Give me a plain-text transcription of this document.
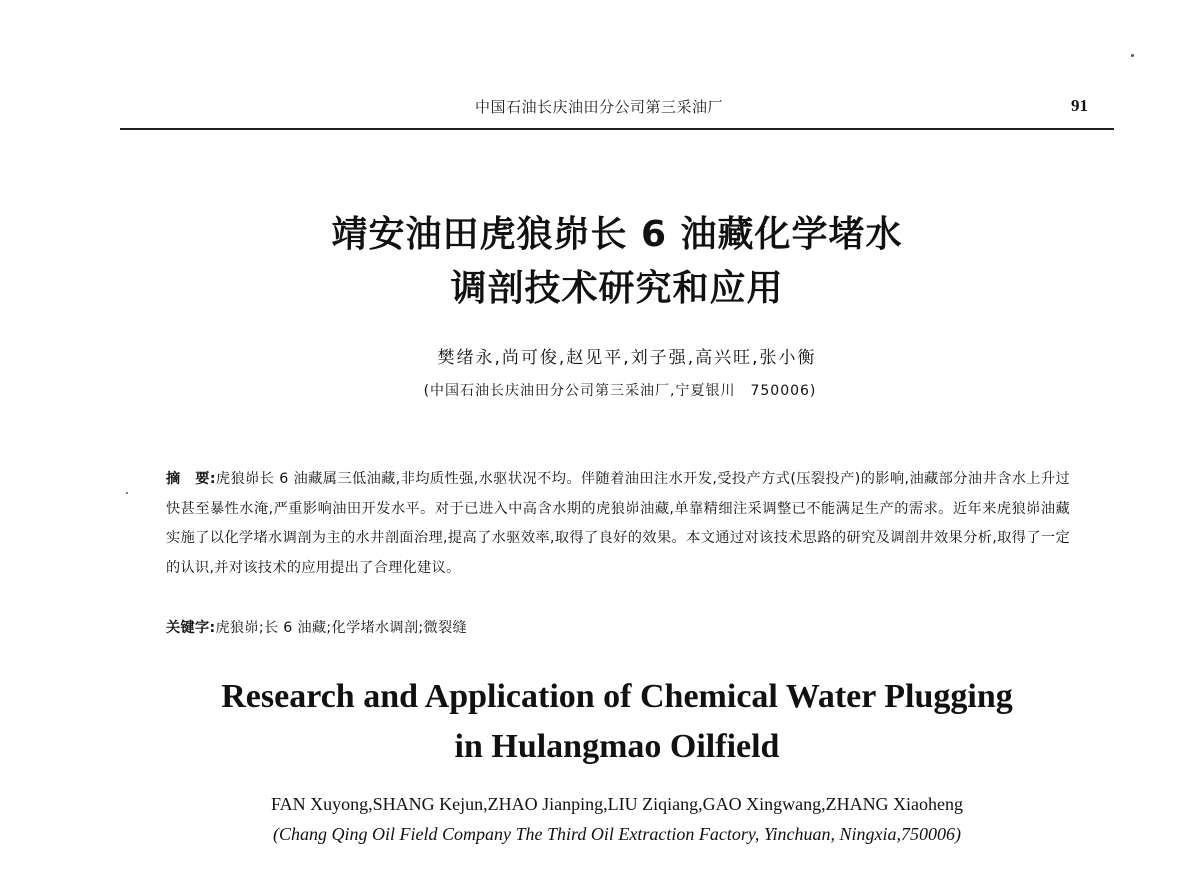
中国石油长庆油田分公司第三采油厂	91
靖安油田虎狼峁长 6 油藏化学堵水
调剖技术研究和应用
樊绪永,尚可俊,赵见平,刘子强,高兴旺,张小衡
(中国石油长庆油田分公司第三采油厂,宁夏银川　750006)
摘　要:虎狼峁长 6 油藏属三低油藏,非均质性强,水驱状况不均。伴随着油田注水开发,受投产方式(压裂投产)的影响,油藏部分油井含水上升过快甚至暴性水淹,严重影响油田开发水平。对于已进入中高含水期的虎狼峁油藏,单靠精细注采调整已不能满足生产的需求。近年来虎狼峁油藏实施了以化学堵水调剖为主的水井剖面治理,提高了水驱效率,取得了良好的效果。本文通过对该技术思路的研究及调剖井效果分析,取得了一定的认识,并对该技术的应用提出了合理化建议。
关键字:虎狼峁;长 6 油藏;化学堵水调剖;微裂缝
Research and Application of Chemical Water Plugging
in Hulangmao Oilfield
FAN Xuyong,SHANG Kejun,ZHAO Jianping,LIU Ziqiang,GAO Xingwang,ZHANG Xiaoheng
(Chang Qing Oil Field Company The Third Oil Extraction Factory, Yinchuan, Ningxia,750006)
